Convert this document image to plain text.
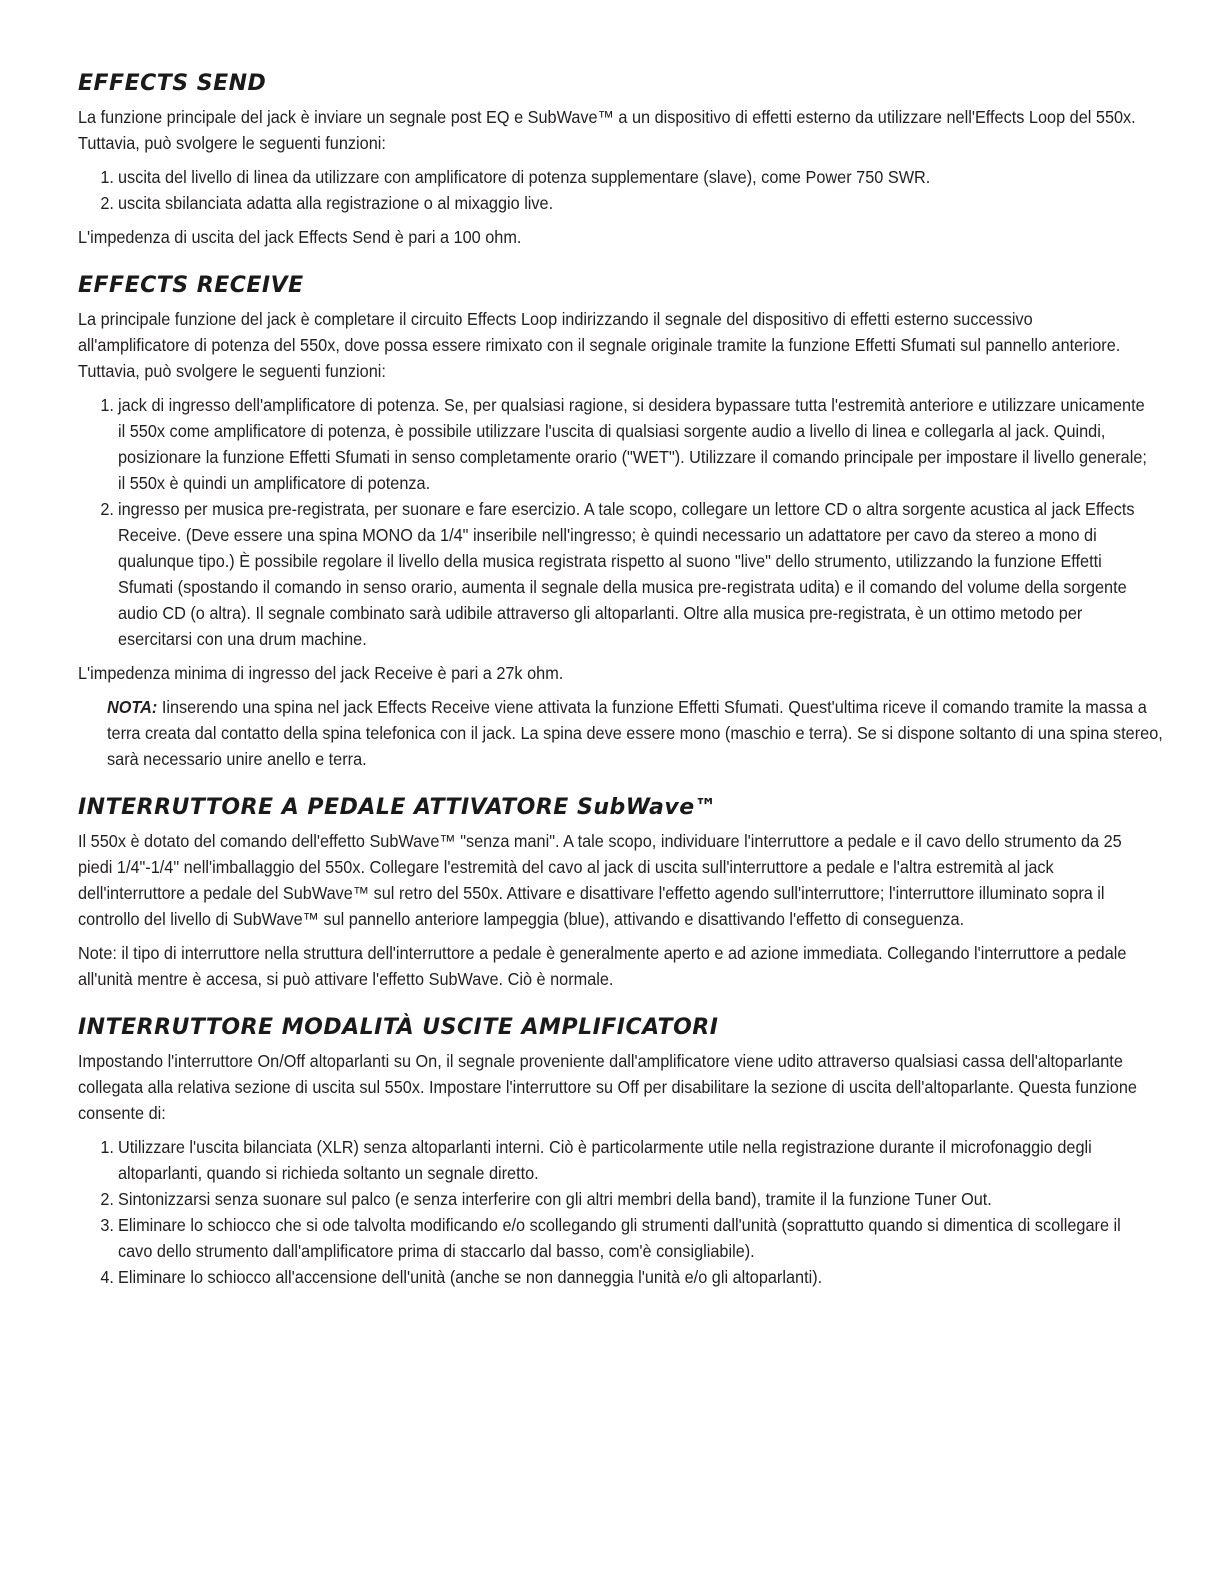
EFFECTS SEND

La funzione principale del jack è inviare un segnale post EQ e SubWave™ a un dispositivo di effetti esterno da utilizzare nell'Effects Loop del 550x. Tuttavia, può svolgere le seguenti funzioni:

1. uscita del livello di linea da utilizzare con amplificatore di potenza supplementare (slave), come Power 750 SWR.
2. uscita sbilanciata adatta alla registrazione o al mixaggio live.

L'impedenza di uscita del jack Effects Send è pari a 100 ohm.

EFFECTS RECEIVE

La principale funzione del jack è completare il circuito Effects Loop indirizzando il segnale del dispositivo di effetti esterno successivo all'amplificatore di potenza del 550x, dove possa essere rimixato con il segnale originale tramite la funzione Effetti Sfumati sul pannello anteriore. Tuttavia, può svolgere le seguenti funzioni:

1. jack di ingresso dell'amplificatore di potenza. Se, per qualsiasi ragione, si desidera bypassare tutta l'estremità anteriore e utilizzare unicamente il 550x come amplificatore di potenza, è possibile utilizzare l'uscita di qualsiasi sorgente audio a livello di linea e collegarla al jack. Quindi, posizionare la funzione Effetti Sfumati in senso completamente orario ("WET"). Utilizzare il comando principale per impostare il livello generale; il 550x è quindi un amplificatore di potenza.
2. ingresso per musica pre-registrata, per suonare e fare esercizio. A tale scopo, collegare un lettore CD o altra sorgente acustica al jack Effects Receive. (Deve essere una spina MONO da 1/4" inseribile nell'ingresso; è quindi necessario un adattatore per cavo da stereo a mono di qualunque tipo.) È possibile regolare il livello della musica registrata rispetto al suono "live" dello strumento, utilizzando la funzione Effetti Sfumati (spostando il comando in senso orario, aumenta il segnale della musica pre-registrata udita) e il comando del volume della sorgente audio CD (o altra). Il segnale combinato sarà udibile attraverso gli altoparlanti. Oltre alla musica pre-registrata, è un ottimo metodo per esercitarsi con una drum machine.

L'impedenza minima di ingresso del jack Receive è pari a 27k ohm.

NOTA: Iinserendo una spina nel jack Effects Receive viene attivata la funzione Effetti Sfumati. Quest'ultima riceve il comando tramite la massa a terra creata dal contatto della spina telefonica con il jack. La spina deve essere mono (maschio e terra). Se si dispone soltanto di una spina stereo, sarà necessario unire anello e terra.

INTERRUTTORE A PEDALE ATTIVATORE SubWave™

Il 550x è dotato del comando dell'effetto SubWave™ "senza mani". A tale scopo, individuare l'interruttore a pedale e il cavo dello strumento da 25 piedi 1/4"-1/4" nell'imballaggio del 550x. Collegare l'estremità del cavo al jack di uscita sull'interruttore a pedale e l'altra estremità al jack dell'interruttore a pedale del SubWave™ sul retro del 550x. Attivare e disattivare l'effetto agendo sull'interruttore; l'interruttore illuminato sopra il controllo del livello di SubWave™ sul pannello anteriore lampeggia (blue), attivando e disattivando l'effetto di conseguenza.

Note: il tipo di interruttore nella struttura dell'interruttore a pedale è generalmente aperto e ad azione immediata. Collegando l'interruttore a pedale all'unità mentre è accesa, si può attivare l'effetto SubWave. Ciò è normale.

INTERRUTTORE MODALITÀ USCITE AMPLIFICATORI

Impostando l'interruttore On/Off altoparlanti su On, il segnale proveniente dall'amplificatore viene udito attraverso qualsiasi cassa dell'altoparlante collegata alla relativa sezione di uscita sul 550x. Impostare l'interruttore su Off per disabilitare la sezione di uscita dell'altoparlante. Questa funzione consente di:

1. Utilizzare l'uscita bilanciata (XLR) senza altoparlanti interni. Ciò è particolarmente utile nella registrazione durante il microfonaggio degli altoparlanti, quando si richieda soltanto un segnale diretto.
2. Sintonizzarsi senza suonare sul palco (e senza interferire con gli altri membri della band), tramite il la funzione Tuner Out.
3. Eliminare lo schiocco che si ode talvolta modificando e/o scollegando gli strumenti dall'unità (soprattutto quando si dimentica di scollegare il cavo dello strumento dall'amplificatore prima di staccarlo dal basso, com'è consigliabile).
4. Eliminare lo schiocco all'accensione dell'unità (anche se non danneggia l'unità e/o gli altoparlanti).
